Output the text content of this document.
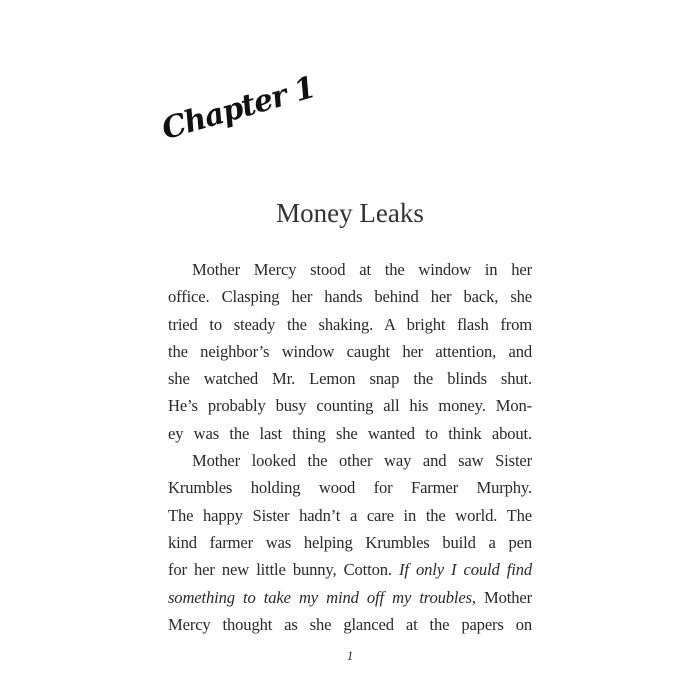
Chapter 1
Money Leaks
Mother Mercy stood at the window in her
office. Clasping her hands behind her back, she
tried to steady the shaking. A bright flash from
the neighbor’s window caught her attention, and
she watched Mr. Lemon snap the blinds shut.
He’s probably busy counting all his money. Mon-
ey was the last thing she wanted to think about.
Mother looked the other way and saw Sister
Krumbles holding wood for Farmer Murphy.
The happy Sister hadn’t a care in the world. The
kind farmer was helping Krumbles build a pen
for her new little bunny, Cotton. If only I could find
something to take my mind off my troubles, Mother
Mercy thought as she glanced at the papers on
1
